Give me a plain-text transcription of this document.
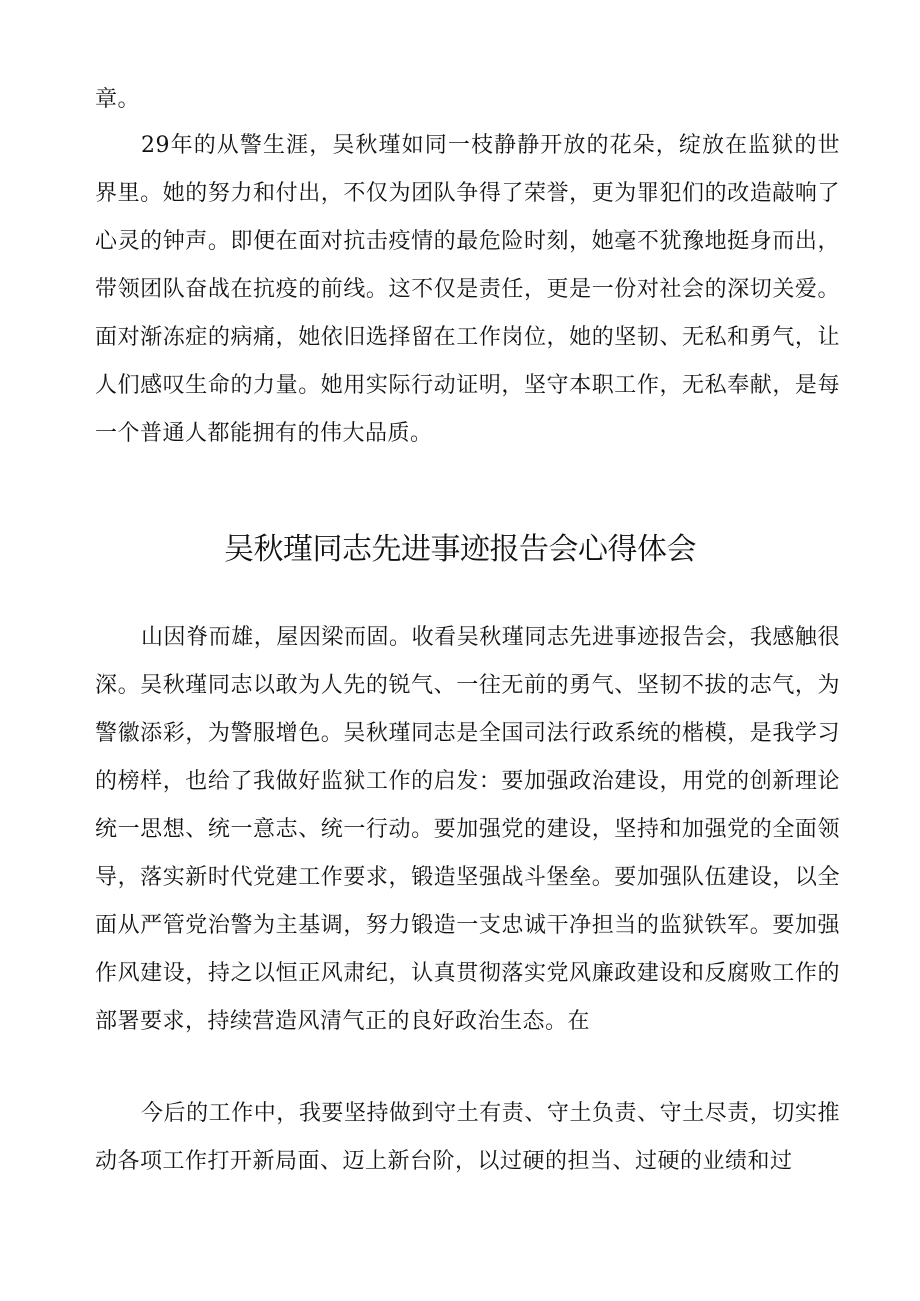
章。

29年的从警生涯，吴秋瑾如同一枝静静开放的花朵，绽放在监狱的世界里。她的努力和付出，不仅为团队争得了荣誉，更为罪犯们的改造敲响了心灵的钟声。即便在面对抗击疫情的最危险时刻，她毫不犹豫地挺身而出，带领团队奋战在抗疫的前线。这不仅是责任，更是一份对社会的深切关爱。面对渐冻症的病痛，她依旧选择留在工作岗位，她的坚韧、无私和勇气，让人们感叹生命的力量。她用实际行动证明，坚守本职工作，无私奉献，是每一个普通人都能拥有的伟大品质。

吴秋瑾同志先进事迹报告会心得体会

山因脊而雄，屋因梁而固。收看吴秋瑾同志先进事迹报告会，我感触很深。吴秋瑾同志以敢为人先的锐气、一往无前的勇气、坚韧不拔的志气，为警徽添彩，为警服增色。吴秋瑾同志是全国司法行政系统的楷模，是我学习的榜样，也给了我做好监狱工作的启发：要加强政治建设，用党的创新理论统一思想、统一意志、统一行动。要加强党的建设，坚持和加强党的全面领导，落实新时代党建工作要求，锻造坚强战斗堡垒。要加强队伍建设，以全面从严管党治警为主基调，努力锻造一支忠诚干净担当的监狱铁军。要加强作风建设，持之以恒正风肃纪，认真贯彻落实党风廉政建设和反腐败工作的部署要求，持续营造风清气正的良好政治生态。在

今后的工作中，我要坚持做到守土有责、守土负责、守土尽责，切实推动各项工作打开新局面、迈上新台阶，以过硬的担当、过硬的业绩和过
